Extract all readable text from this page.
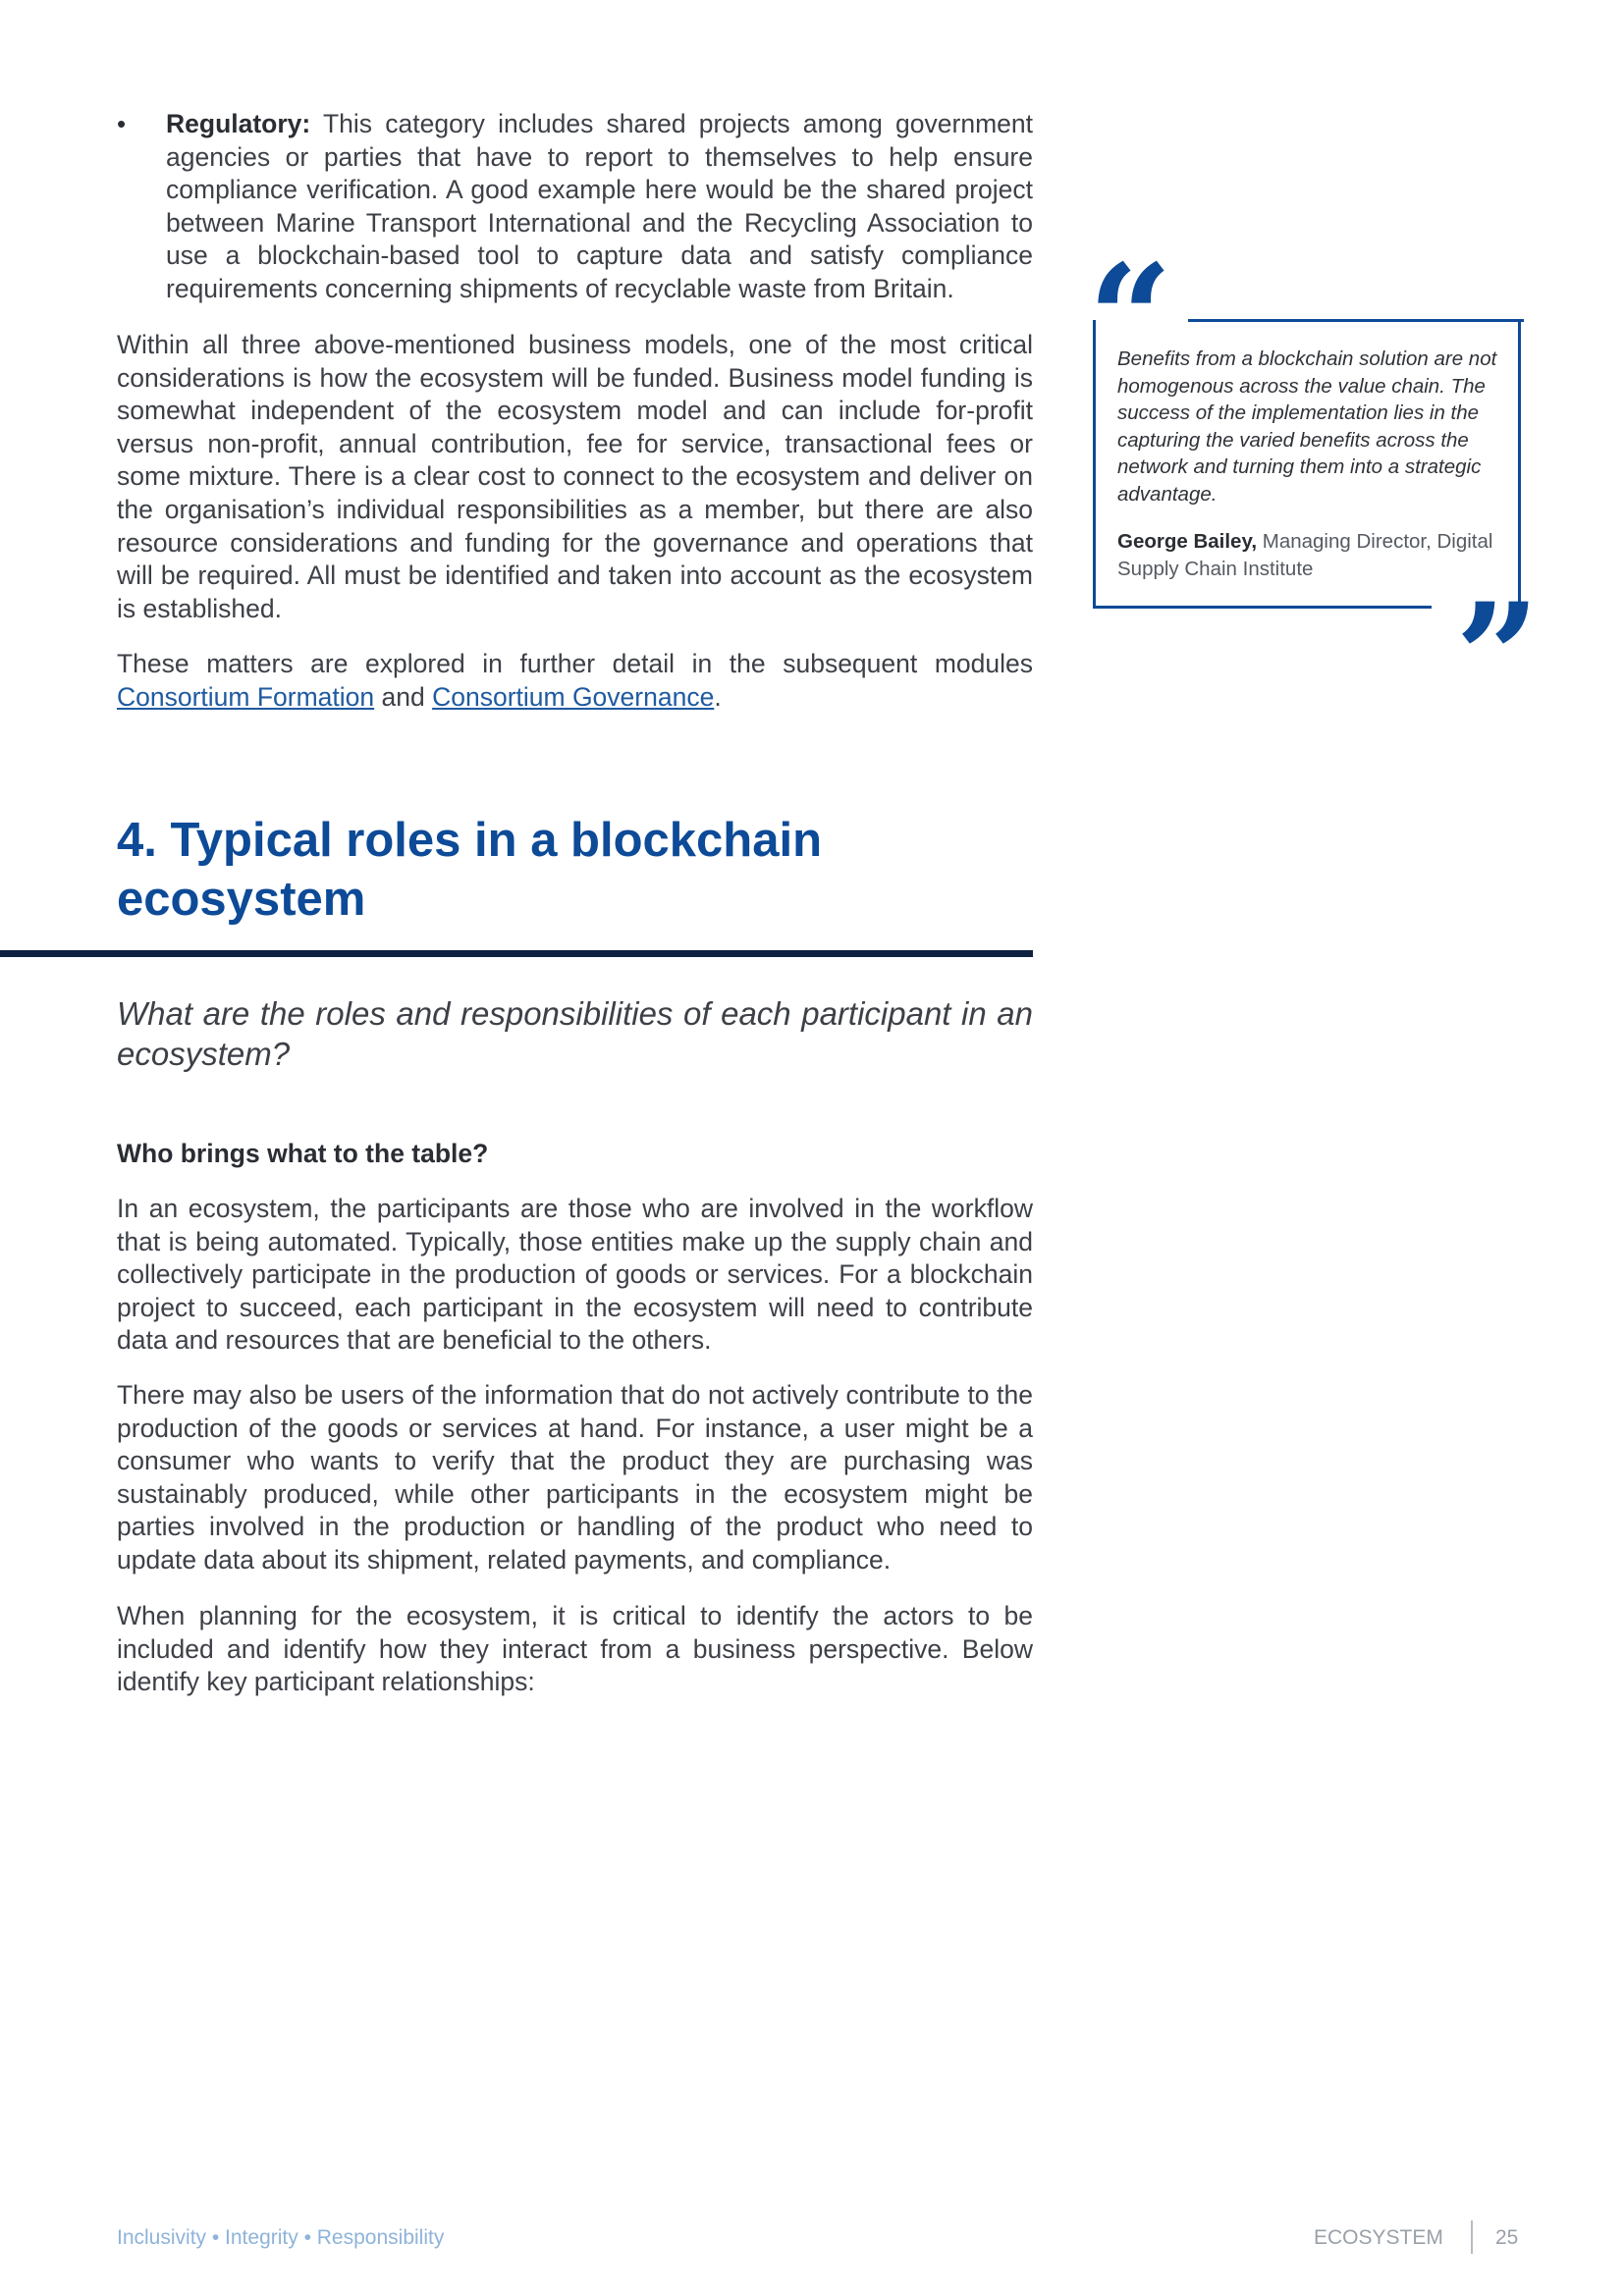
• Regulatory: This category includes shared projects among government agencies or parties that have to report to themselves to help ensure compliance verification. A good example here would be the shared project between Marine Transport International and the Recycling Association to use a blockchain-based tool to capture data and satisfy compliance requirements concerning shipments of recyclable waste from Britain.

Within all three above-mentioned business models, one of the most critical considerations is how the ecosystem will be funded. Business model funding is somewhat independent of the ecosystem model and can include for-profit versus non-profit, annual contribution, fee for service, transactional fees or some mixture. There is a clear cost to connect to the ecosystem and deliver on the organisation’s individual responsibilities as a member, but there are also resource considerations and funding for the governance and operations that will be required. All must be identified and taken into account as the ecosystem is established.

These matters are explored in further detail in the subsequent modules Consortium Formation and Consortium Governance.

4. Typical roles in a blockchain ecosystem

What are the roles and responsibilities of each participant in an ecosystem?

Who brings what to the table?

In an ecosystem, the participants are those who are involved in the workflow that is being automated. Typically, those entities make up the supply chain and collectively participate in the production of goods or services. For a blockchain project to succeed, each participant in the ecosystem will need to contribute data and resources that are beneficial to the others.

There may also be users of the information that do not actively contribute to the production of the goods or services at hand. For instance, a user might be a consumer who wants to verify that the product they are purchasing was sustainably produced, while other participants in the ecosystem might be parties involved in the production or handling of the product who need to update data about its shipment, related payments, and compliance.

When planning for the ecosystem, it is critical to identify the actors to be included and identify how they interact from a business perspective. Below identify key participant relationships:

“
”

Benefits from a blockchain solution are not homogenous across the value chain. The success of the implementation lies in the capturing the varied benefits across the network and turning them into a strategic advantage.

George Bailey, Managing Director, Digital Supply Chain Institute

Inclusivity • Integrity • Responsibility	ECOSYSTEM	25
